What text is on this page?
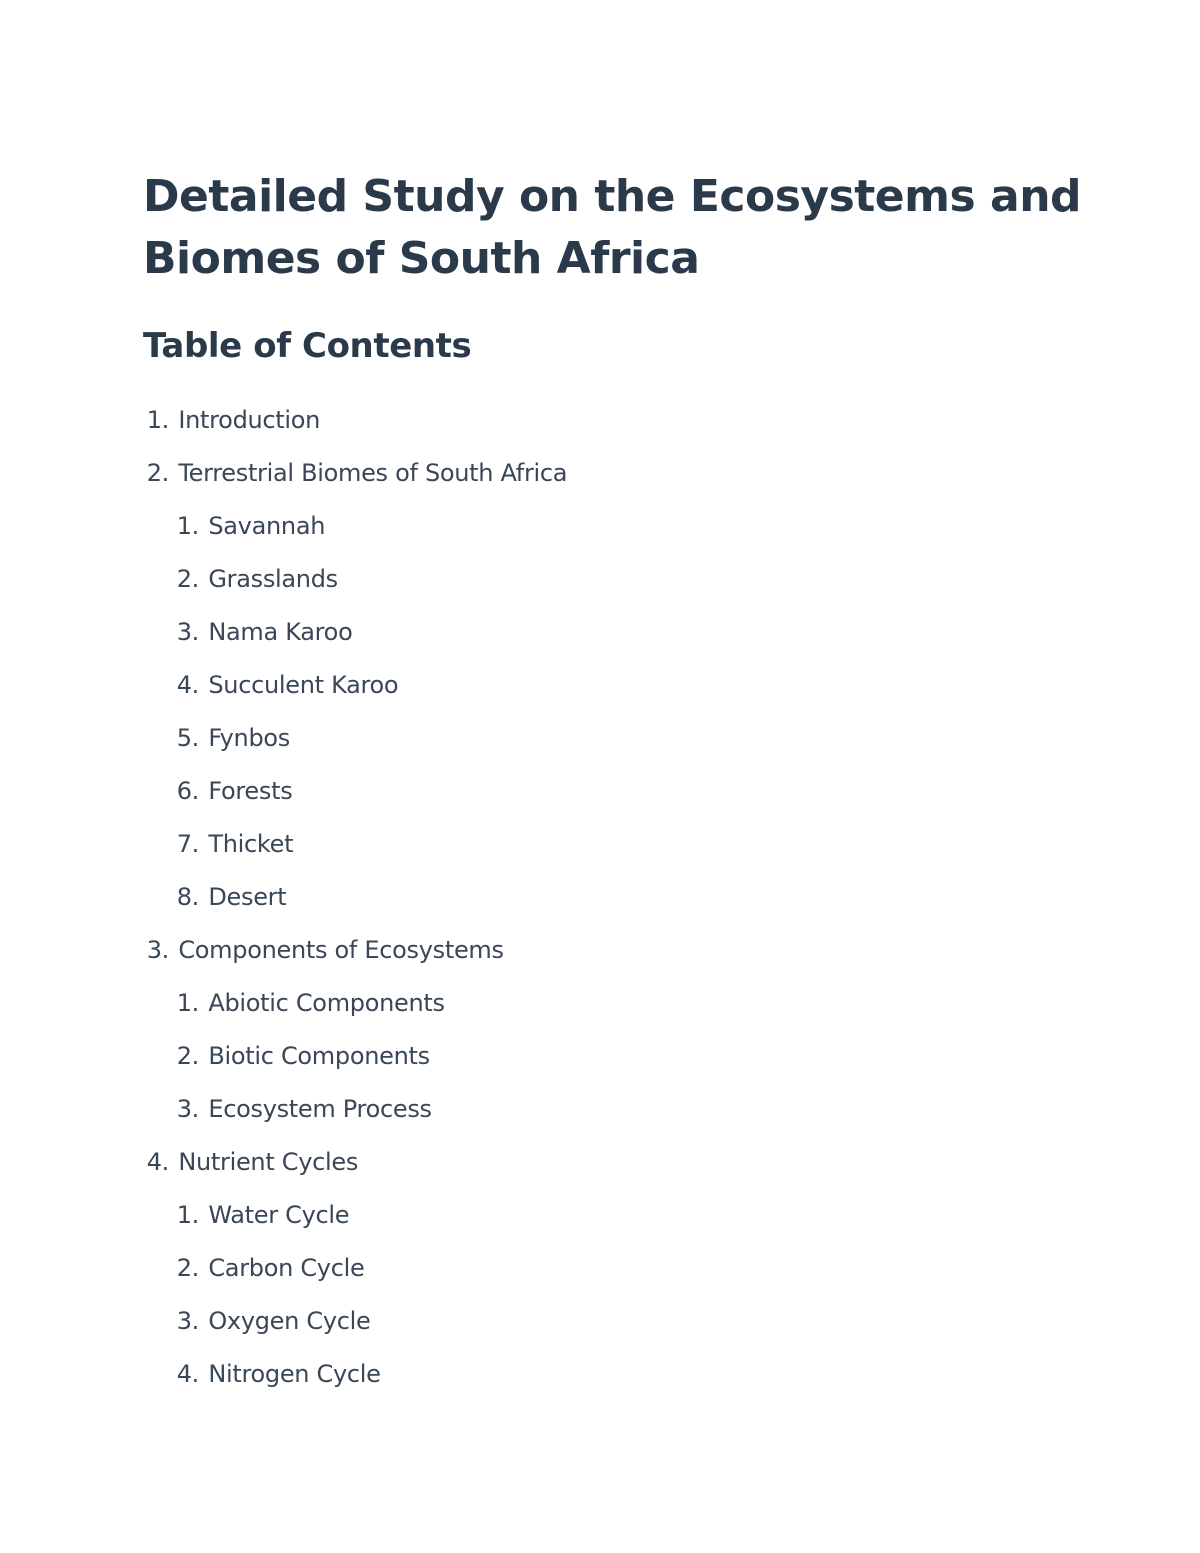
Detailed Study on the Ecosystems and
Biomes of South Africa
Table of Contents
1. Introduction
2. Terrestrial Biomes of South Africa
1. Savannah
2. Grasslands
3. Nama Karoo
4. Succulent Karoo
5. Fynbos
6. Forests
7. Thicket
8. Desert
3. Components of Ecosystems
1. Abiotic Components
2. Biotic Components
3. Ecosystem Process
4. Nutrient Cycles
1. Water Cycle
2. Carbon Cycle
3. Oxygen Cycle
4. Nitrogen Cycle
